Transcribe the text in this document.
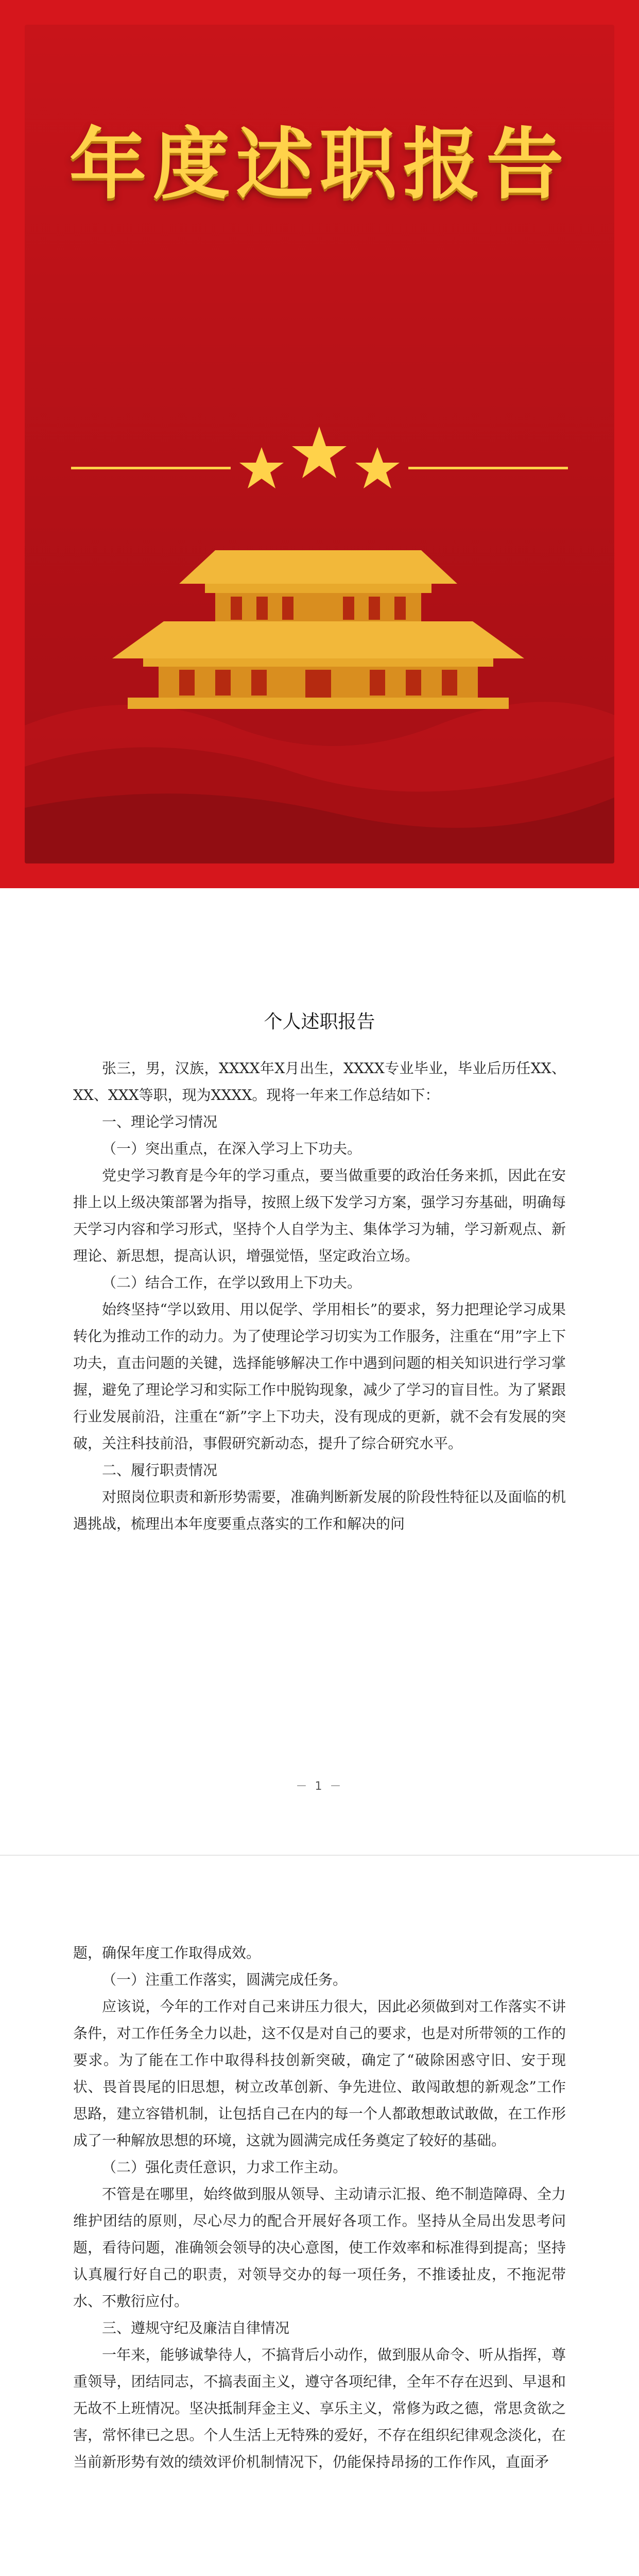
年度述职报告
个人述职报告

张三，男，汉族，XXXX年X月出生，XXXX专业毕业，毕业后历任XX、XX、XXX等职，现为XXXX。现将一年来工作总结如下：

一、理论学习情况

（一）突出重点，在深入学习上下功夫。

党史学习教育是今年的学习重点，要当做重要的政治任务来抓，因此在安排上以上级决策部署为指导，按照上级下发学习方案，强学习夯基础，明确每天学习内容和学习形式，坚持个人自学为主、集体学习为辅，学习新观点、新理论、新思想，提高认识，增强觉悟，坚定政治立场。

（二）结合工作，在学以致用上下功夫。

始终坚持“学以致用、用以促学、学用相长”的要求，努力把理论学习成果转化为推动工作的动力。为了使理论学习切实为工作服务，注重在“用”字上下功夫，直击问题的关键，选择能够解决工作中遇到问题的相关知识进行学习掌握，避免了理论学习和实际工作中脱钩现象，减少了学习的盲目性。为了紧跟行业发展前沿，注重在“新”字上下功夫，没有现成的更新，就不会有发展的突破，关注科技前沿，事假研究新动态，提升了综合研究水平。

二、履行职责情况

对照岗位职责和新形势需要，准确判断新发展的阶段性特征以及面临的机遇挑战，梳理出本年度要重点落实的工作和解决的问

－ 1 －

题，确保年度工作取得成效。

（一）注重工作落实，圆满完成任务。

应该说，今年的工作对自己来讲压力很大，因此必须做到对工作落实不讲条件，对工作任务全力以赴，这不仅是对自己的要求，也是对所带领的工作的要求。为了能在工作中取得科技创新突破，确定了“破除困惑守旧、安于现状、畏首畏尾的旧思想，树立改革创新、争先进位、敢闯敢想的新观念”工作思路，建立容错机制，让包括自己在内的每一个人都敢想敢试敢做，在工作形成了一种解放思想的环境，这就为圆满完成任务奠定了较好的基础。

（二）强化责任意识，力求工作主动。

不管是在哪里，始终做到服从领导、主动请示汇报、绝不制造障碍、全力维护团结的原则，尽心尽力的配合开展好各项工作。坚持从全局出发思考问题，看待问题，准确领会领导的决心意图，使工作效率和标准得到提高；坚持认真履行好自己的职责，对领导交办的每一项任务，不推诿扯皮，不拖泥带水、不敷衍应付。

三、遵规守纪及廉洁自律情况

一年来，能够诚挚待人，不搞背后小动作，做到服从命令、听从指挥，尊重领导，团结同志，不搞表面主义，遵守各项纪律，全年不存在迟到、早退和无故不上班情况。坚决抵制拜金主义、享乐主义，常修为政之德，常思贪欲之害，常怀律已之思。个人生活上无特殊的爱好，不存在组织纪律观念淡化，在当前新形势有效的绩效评价机制情况下，仍能保持昂扬的工作作风，直面矛
